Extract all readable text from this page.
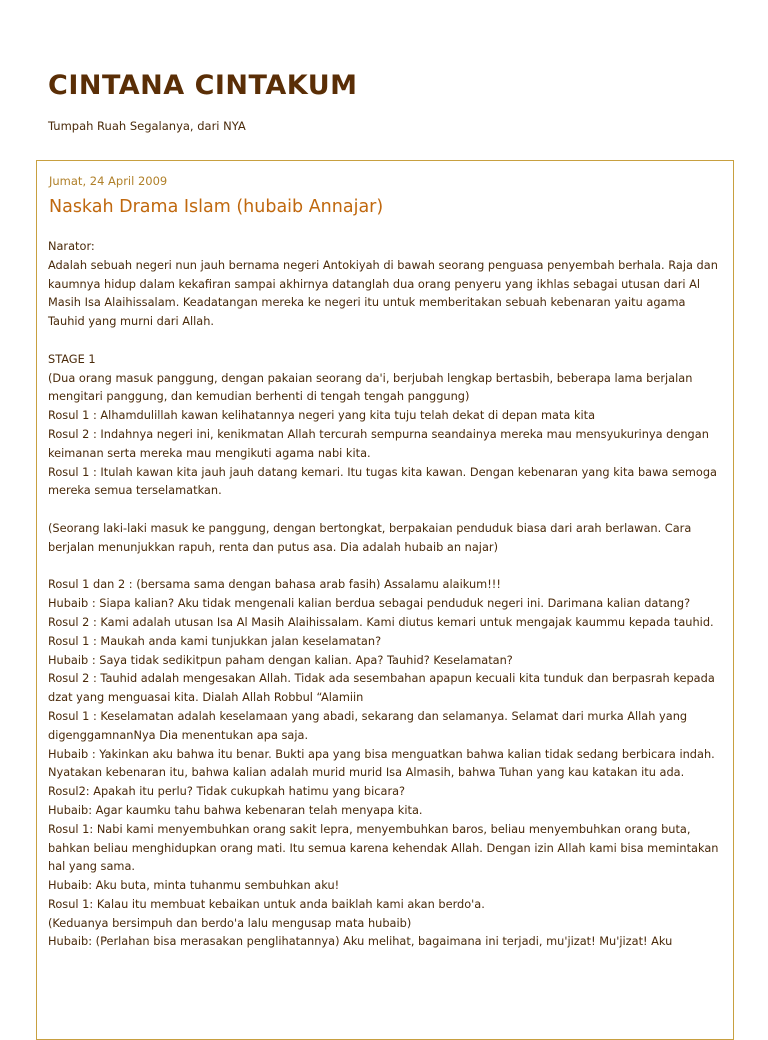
CINTANA CINTAKUM
Tumpah Ruah Segalanya, dari NYA
Jumat, 24 April 2009
Naskah Drama Islam (hubaib Annajar)

Narator:

Adalah sebuah negeri nun jauh bernama negeri Antokiyah di bawah seorang penguasa penyembah berhala. Raja dan kaumnya hidup dalam kekafiran sampai akhirnya datanglah dua orang penyeru yang ikhlas sebagai utusan dari Al Masih Isa Alaihissalam. Keadatangan mereka ke negeri itu untuk memberitakan sebuah kebenaran yaitu agama Tauhid yang murni dari Allah.

STAGE 1

(Dua orang masuk panggung, dengan pakaian seorang da'i, berjubah lengkap bertasbih, beberapa lama berjalan mengitari panggung, dan kemudian berhenti di tengah tengah panggung)

Rosul 1 : Alhamdulillah kawan kelihatannya negeri yang kita tuju telah dekat di depan mata kita

Rosul 2 : Indahnya negeri ini, kenikmatan Allah tercurah sempurna seandainya mereka mau mensyukurinya dengan keimanan serta mereka mau mengikuti agama nabi kita.

Rosul 1 : Itulah kawan kita jauh jauh datang kemari. Itu tugas kita kawan. Dengan kebenaran yang kita bawa semoga mereka semua terselamatkan.

(Seorang laki-laki masuk ke panggung, dengan bertongkat, berpakaian penduduk biasa dari arah berlawan. Cara berjalan menunjukkan rapuh, renta dan putus asa. Dia adalah hubaib an najar)

Rosul 1 dan 2 : (bersama sama dengan bahasa arab fasih) Assalamu alaikum!!!

Hubaib : Siapa kalian? Aku tidak mengenali kalian berdua sebagai penduduk negeri ini. Darimana kalian datang?

Rosul 2 : Kami adalah utusan Isa Al Masih Alaihissalam. Kami diutus kemari untuk mengajak kaummu kepada tauhid.

Rosul 1 : Maukah anda kami tunjukkan jalan keselamatan?

Hubaib : Saya tidak sedikitpun paham dengan kalian. Apa? Tauhid? Keselamatan?

Rosul 2 : Tauhid adalah mengesakan Allah. Tidak ada sesembahan apapun kecuali kita tunduk dan berpasrah kepada dzat yang menguasai kita. Dialah Allah Robbul “Alamiin

Rosul 1 : Keselamatan adalah keselamaan yang abadi, sekarang dan selamanya. Selamat dari murka Allah yang digenggamnanNya Dia menentukan apa saja.

Hubaib : Yakinkan aku bahwa itu benar. Bukti apa yang bisa menguatkan bahwa kalian tidak sedang berbicara indah. Nyatakan kebenaran itu, bahwa kalian adalah murid murid Isa Almasih, bahwa Tuhan yang kau katakan itu ada.

Rosul2: Apakah itu perlu? Tidak cukupkah hatimu yang bicara?

Hubaib: Agar kaumku tahu bahwa kebenaran telah menyapa kita.

Rosul 1: Nabi kami menyembuhkan orang sakit lepra, menyembuhkan baros, beliau menyembuhkan orang buta, bahkan beliau menghidupkan orang mati. Itu semua karena kehendak Allah. Dengan izin Allah kami bisa memintakan hal yang sama.

Hubaib: Aku buta, minta tuhanmu sembuhkan aku!

Rosul 1: Kalau itu membuat kebaikan untuk anda baiklah kami akan berdo'a.

(Keduanya bersimpuh dan berdo'a lalu mengusap mata hubaib)

Hubaib: (Perlahan bisa merasakan penglihatannya) Aku melihat, bagaimana ini terjadi, mu'jizat! Mu'jizat! Aku
